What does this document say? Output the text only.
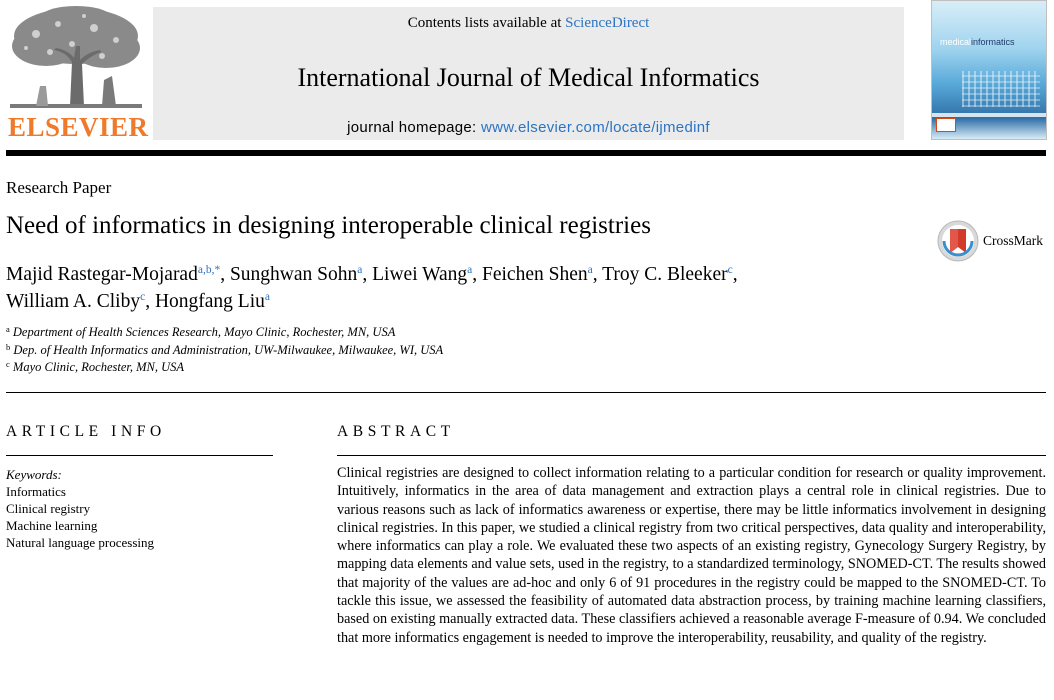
ELSEVIER
Contents lists available at ScienceDirect
International Journal of Medical Informatics
journal homepage: www.elsevier.com/locate/ijmedinf
medicalinformatics
Research Paper
Need of informatics in designing interoperable clinical registries
CrossMark
Majid Rastegar-Mojarad$^{a,b,*}$, Sunghwan Sohn$^a$, Liwei Wang$^a$, Feichen Shen$^a$, Troy C. Bleeker$^c$,
William A. Cliby$^c$, Hongfang Liu$^a$
$^a$ Department of Health Sciences Research, Mayo Clinic, Rochester, MN, USA
$^b$ Dep. of Health Informatics and Administration, UW-Milwaukee, Milwaukee, WI, USA
$^c$ Mayo Clinic, Rochester, MN, USA
ARTICLE INFO
Keywords:
Informatics
Clinical registry
Machine learning
Natural language processing
ABSTRACT
Clinical registries are designed to collect information relating to a particular condition for research or quality improvement. Intuitively, informatics in the area of data management and extraction plays a central role in clinical registries. Due to various reasons such as lack of informatics awareness or expertise, there may be little informatics involvement in designing clinical registries. In this paper, we studied a clinical registry from two critical perspectives, data quality and interoperability, where informatics can play a role. We evaluated these two aspects of an existing registry, Gynecology Surgery Registry, by mapping data elements and value sets, used in the registry, to a standardized terminology, SNOMED-CT. The results showed that majority of the values are ad-hoc and only 6 of 91 procedures in the registry could be mapped to the SNOMED-CT. To tackle this issue, we assessed the feasibility of automated data abstraction process, by training machine learning classifiers, based on existing manually extracted data. These classifiers achieved a reasonable average F-measure of 0.94. We concluded that more informatics engagement is needed to improve the interoperability, reusability, and quality of the registry.
